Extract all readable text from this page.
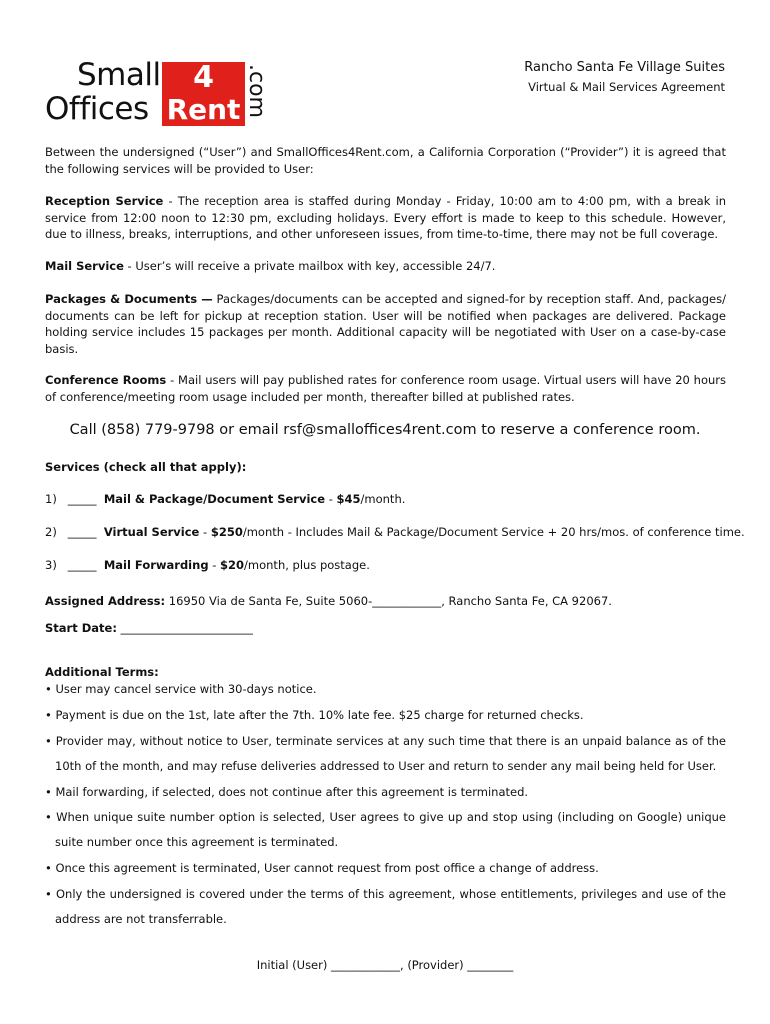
Small
Offices
4
Rent .com	Rancho Santa Fe Village Suites
Virtual & Mail Services Agreement
Between the undersigned (“User”) and SmallOffices4Rent.com, a California Corporation (“Provider”) it is agreed that the following services will be provided to User:
Reception Service - The reception area is staffed during Monday - Friday, 10:00 am to 4:00 pm, with a break in service from 12:00 noon to 12:30 pm, excluding holidays. Every effort is made to keep to this schedule. However, due to illness, breaks, interruptions, and other unforeseen issues, from time-to-time, there may not be full coverage.
Mail Service - User’s will receive a private mailbox with key, accessible 24/7.
Packages & Documents — Packages/documents can be accepted and signed-for by reception staff. And, packages/ documents can be left for pickup at reception station. User will be notified when packages are delivered. Package holding service includes 15 packages per month. Additional capacity will be negotiated with User on a case-by-case basis.
Conference Rooms - Mail users will pay published rates for conference room usage. Virtual users will have 20 hours of conference/meeting room usage included per month, thereafter billed at published rates.
Call (858) 779-9798 or email rsf@smalloffices4rent.com to reserve a conference room.
Services (check all that apply):
1) _____ Mail & Package/Document Service - $45/month.
2) _____ Virtual Service - $250/month - Includes Mail & Package/Document Service + 20 hrs/mos. of conference time.
3) _____ Mail Forwarding - $20/month, plus postage.
Assigned Address: 16950 Via de Santa Fe, Suite 5060-____________, Rancho Santa Fe, CA 92067.
Start Date: _______________________
Additional Terms:
• User may cancel service with 30-days notice.
• Payment is due on the 1st, late after the 7th. 10% late fee. $25 charge for returned checks.
• Provider may, without notice to User, terminate services at any such time that there is an unpaid balance as of the 10th of the month, and may refuse deliveries addressed to User and return to sender any mail being held for User.
• Mail forwarding, if selected, does not continue after this agreement is terminated.
• When unique suite number option is selected, User agrees to give up and stop using (including on Google) unique suite number once this agreement is terminated.
• Once this agreement is terminated, User cannot request from post office a change of address.
• Only the undersigned is covered under the terms of this agreement, whose entitlements, privileges and use of the address are not transferrable.
Initial (User) ____________, (Provider) ________
